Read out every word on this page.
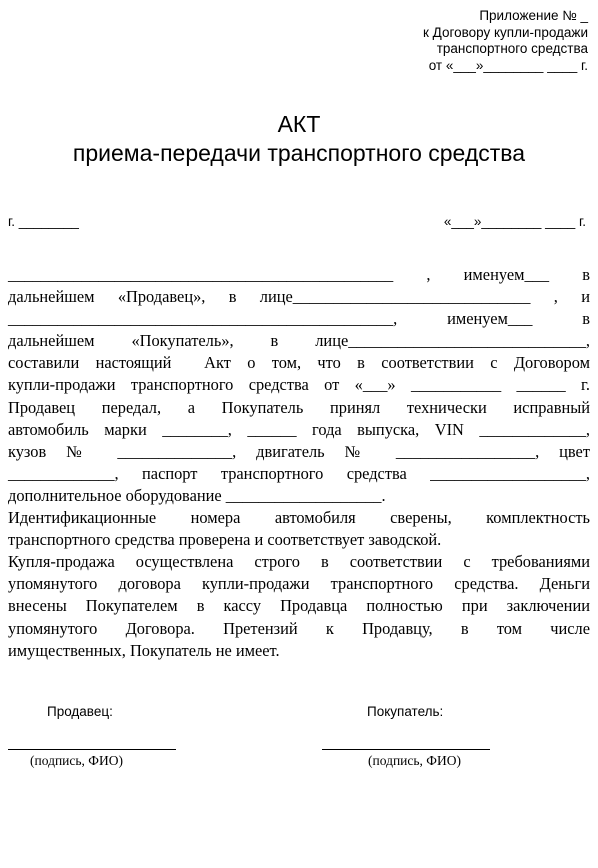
Приложение № _
к Договору купли-продажи
транспортного средства
от «___»________ ____ г.
АКТ
приема-передачи транспортного средства
г. ________	«___»________ ____ г.
_______________________________________________ , именуем___ в
дальнейшем «Продавец», в лице_____________________________ , и
_______________________________________________, именуем___ в
дальнейшем «Покупатель», в лице_____________________________,
составили настоящий  Акт о том, что в соответствии с Договором
купли-продажи транспортного средства от «___» ___________ ______ г.
Продавец передал, а Покупатель принял технически исправный
автомобиль марки ________, ______ года выпуска, VIN _____________,
кузов № ______________, двигатель № _________________, цвет
_____________, паспорт транспортного средства ___________________,
дополнительное оборудование ___________________.
Идентификационные номера автомобиля сверены, комплектность
транспортного средства проверена и соответствует заводской.
Купля-продажа осуществлена строго в соответствии с требованиями
упомянутого договора купли-продажи транспортного средства. Деньги
внесены Покупателем в кассу Продавца полностью при заключении
упомянутого Договора. Претензий к Продавцу, в том числе
имущественных, Покупатель не имеет.
Продавец:	Покупатель:
(подпись, ФИО)	(подпись, ФИО)
